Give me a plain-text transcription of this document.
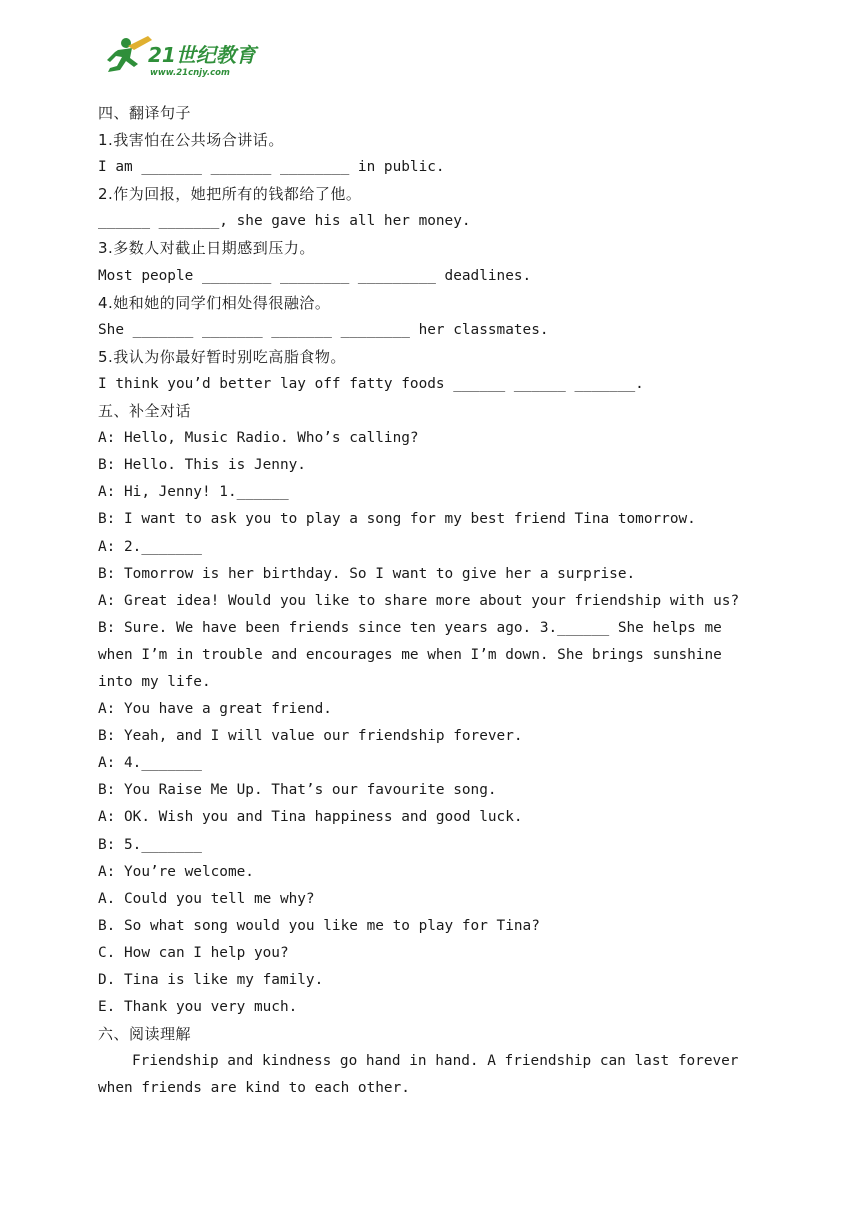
21世纪教育
www.21cnjy.com
四、翻译句子
1.我害怕在公共场合讲话。
I am _______ _______ ________ in public.
2.作为回报，她把所有的钱都给了他。
______ _______, she gave his all her money.
3.多数人对截止日期感到压力。
Most people ________ ________ _________ deadlines.
4.她和她的同学们相处得很融洽。
She _______ _______ _______ ________ her classmates.
5.我认为你最好暂时别吃高脂食物。
I think you’d better lay off fatty foods ______ ______ _______.
五、补全对话
A: Hello, Music Radio. Who’s calling?
B: Hello. This is Jenny.
A: Hi, Jenny! 1.______
B: I want to ask you to play a song for my best friend Tina tomorrow.
A: 2._______
B: Tomorrow is her birthday. So I want to give her a surprise.
A: Great idea! Would you like to share more about your friendship with us?
B: Sure. We have been friends since ten years ago. 3.______ She helps me
when I’m in trouble and encourages me when I’m down. She brings sunshine
into my life.
A: You have a great friend.
B: Yeah, and I will value our friendship forever.
A: 4._______
B: You Raise Me Up. That’s our favourite song.
A: OK. Wish you and Tina happiness and good luck.
B: 5._______
A: You’re welcome.
A. Could you tell me why?
B. So what song would you like me to play for Tina?
C. How can I help you?
D. Tina is like my family.
E. Thank you very much.
六、阅读理解
Friendship and kindness go hand in hand. A friendship can last forever
when friends are kind to each other.
